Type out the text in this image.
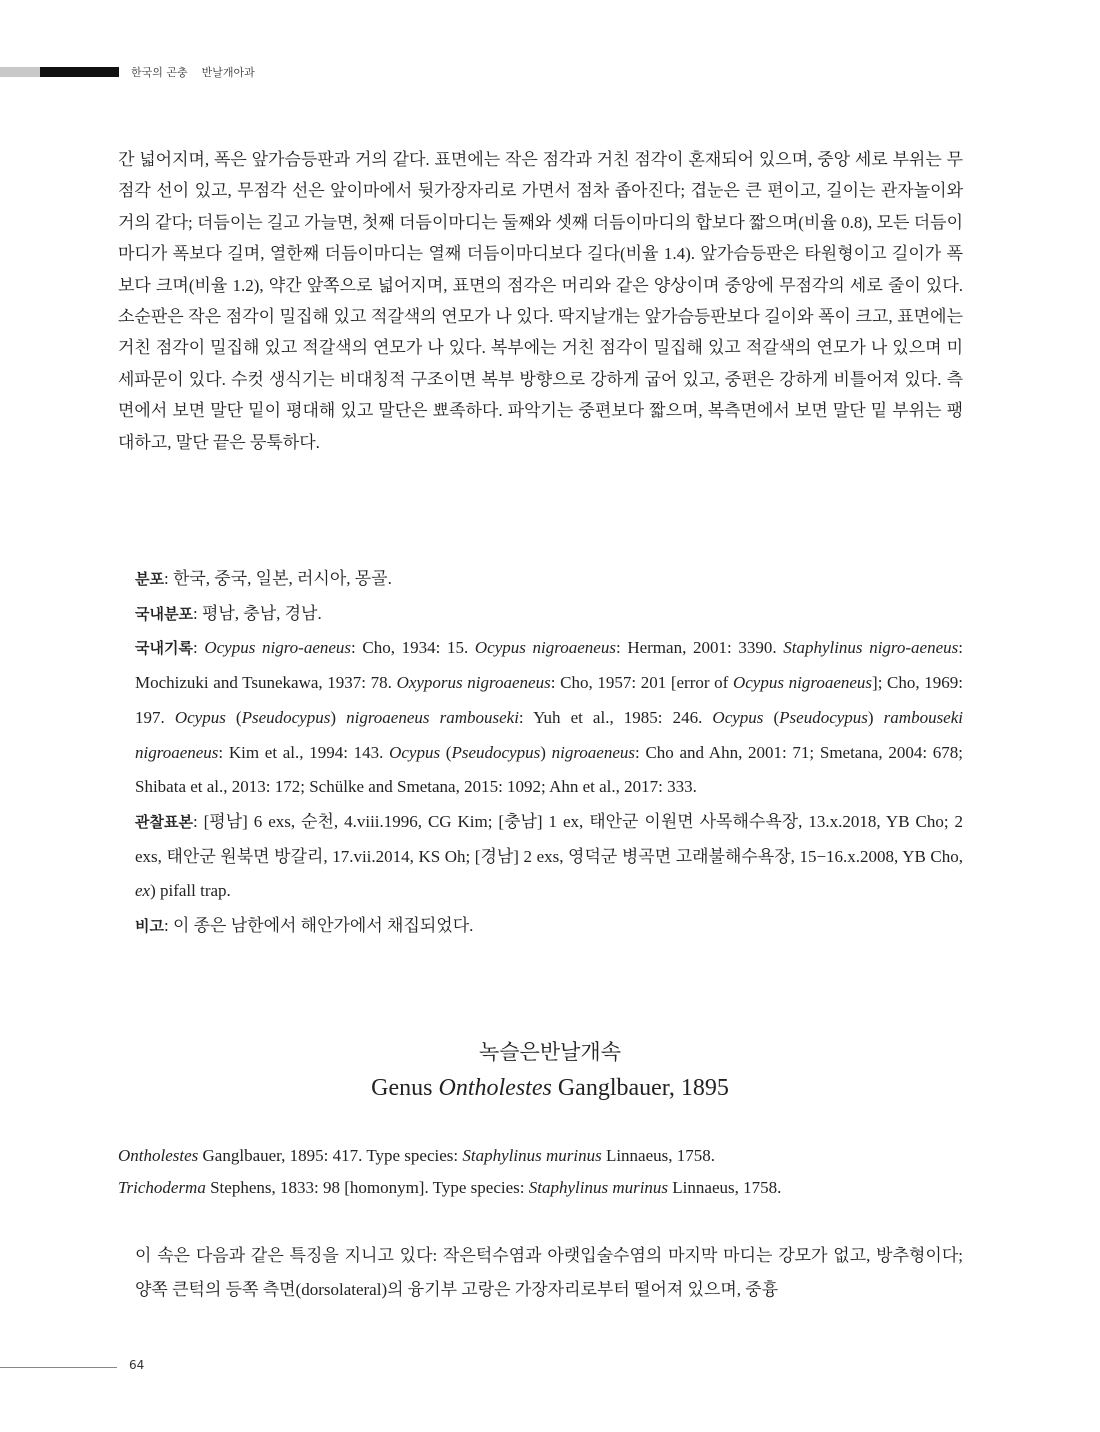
한국의 곤충 반날개아과
간 넓어지며, 폭은 앞가슴등판과 거의 같다. 표면에는 작은 점각과 거친 점각이 혼재되어 있으며, 중앙 세로 부위는 무점각 선이 있고, 무점각 선은 앞이마에서 뒷가장자리로 가면서 점차 좁아진다; 겹눈은 큰 편이고, 길이는 관자놀이와 거의 같다; 더듬이는 길고 가늘면, 첫째 더듬이마디는 둘째와 셋째 더듬이마디의 합보다 짧으며(비율 0.8), 모든 더듬이마디가 폭보다 길며, 열한째 더듬이마디는 열째 더듬이마디보다 길다(비율 1.4). 앞가슴등판은 타원형이고 길이가 폭보다 크며(비율 1.2), 약간 앞쪽으로 넓어지며, 표면의 점각은 머리와 같은 양상이며 중앙에 무점각의 세로 줄이 있다. 소순판은 작은 점각이 밀집해 있고 적갈색의 연모가 나 있다. 딱지날개는 앞가슴등판보다 길이와 폭이 크고, 표면에는 거친 점각이 밀집해 있고 적갈색의 연모가 나 있다. 복부에는 거친 점각이 밀집해 있고 적갈색의 연모가 나 있으며 미세파문이 있다. 수컷 생식기는 비대칭적 구조이면 복부 방향으로 강하게 굽어 있고, 중편은 강하게 비틀어져 있다. 측면에서 보면 말단 밑이 평대해 있고 말단은 뾰족하다. 파악기는 중편보다 짧으며, 복측면에서 보면 말단 밑 부위는 팽대하고, 말단 끝은 뭉툭하다.

분포: 한국, 중국, 일본, 러시아, 몽골.

국내분포: 평남, 충남, 경남.

국내기록: Ocypus nigro-aeneus: Cho, 1934: 15. Ocypus nigroaeneus: Herman, 2001: 3390. Staphylinus nigro-aeneus: Mochizuki and Tsunekawa, 1937: 78. Oxyporus nigroaeneus: Cho, 1957: 201 [error of Ocypus nigroaeneus]; Cho, 1969: 197. Ocypus (Pseudocypus) nigroaeneus rambouseki: Yuh et al., 1985: 246. Ocypus (Pseudocypus) rambouseki nigroaeneus: Kim et al., 1994: 143. Ocypus (Pseudocypus) nigroaeneus: Cho and Ahn, 2001: 71; Smetana, 2004: 678; Shibata et al., 2013: 172; Schülke and Smetana, 2015: 1092; Ahn et al., 2017: 333.

관찰표본: [평남] 6 exs, 순천, 4.viii.1996, CG Kim; [충남] 1 ex, 태안군 이원면 사목해수욕장, 13.x.2018, YB Cho; 2 exs, 태안군 원북면 방갈리, 17.vii.2014, KS Oh; [경남] 2 exs, 영덕군 병곡면 고래불해수욕장, 15−16.x.2008, YB Cho, ex) pifall trap.

비고: 이 종은 남한에서 해안가에서 채집되었다.

녹슬은반날개속
Genus Ontholestes Ganglbauer, 1895

Ontholestes Ganglbauer, 1895: 417. Type species: Staphylinus murinus Linnaeus, 1758.

Trichoderma Stephens, 1833: 98 [homonym]. Type species: Staphylinus murinus Linnaeus, 1758.

이 속은 다음과 같은 특징을 지니고 있다: 작은턱수염과 아랫입술수염의 마지막 마디는 강모가 없고, 방추형이다; 양쪽 큰턱의 등쪽 측면(dorsolateral)의 융기부 고랑은 가장자리로부터 떨어져 있으며, 중흉
64
